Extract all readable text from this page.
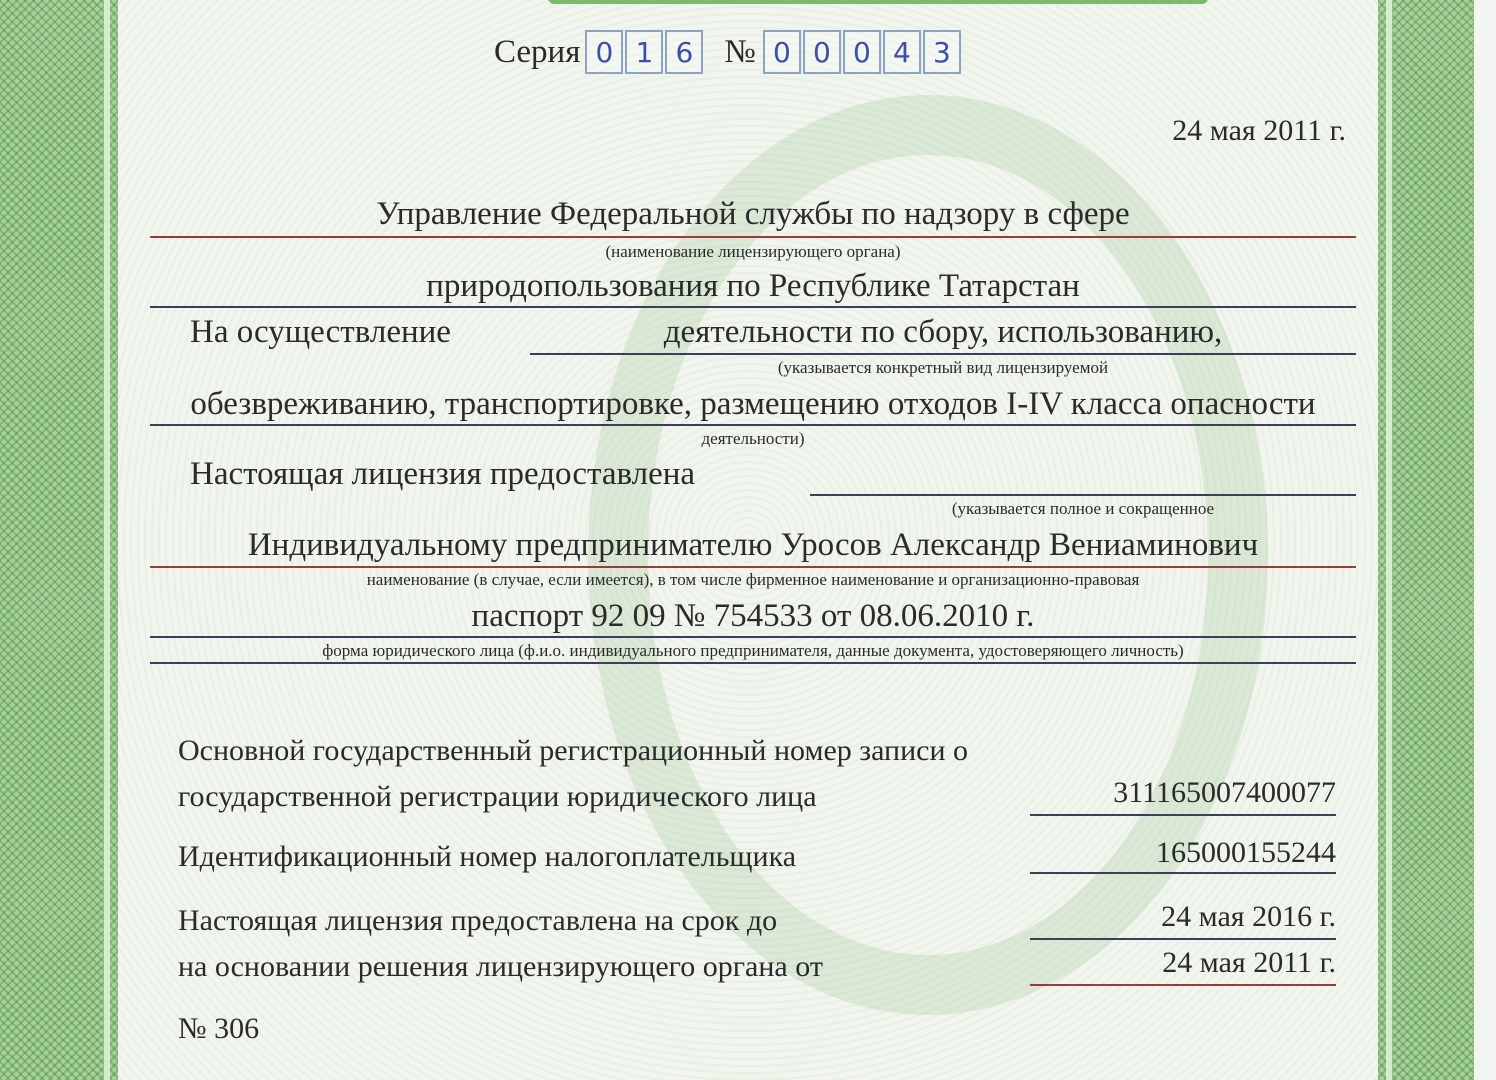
Серия 0 1 6 № 0 0 0 4 3
24 мая 2011 г.
Управление Федеральной службы по надзору в сфере
(наименование лицензирующего органа)
природопользования по Республике Татарстан
На осуществление	деятельности по сбору, использованию,
(указывается конкретный вид лицензируемой
обезвреживанию, транспортировке, размещению отходов I-IV класса опасности
деятельности)
Настоящая лицензия предоставлена
(указывается полное и сокращенное
Индивидуальному предпринимателю Уросов Александр Вениаминович
наименование (в случае, если имеется), в том числе фирменное наименование и организационно-правовая
паспорт 92 09 № 754533 от 08.06.2010 г.
форма юридического лица (ф.и.о. индивидуального предпринимателя, данные документа, удостоверяющего личность)
Основной государственный регистрационный номер записи о
государственной регистрации юридического лица	311165007400077
Идентификационный номер налогоплательщика	165000155244
Настоящая лицензия предоставлена на срок до	24 мая 2016 г.
на основании решения лицензирующего органа от	24 мая 2011 г.
№ 306
